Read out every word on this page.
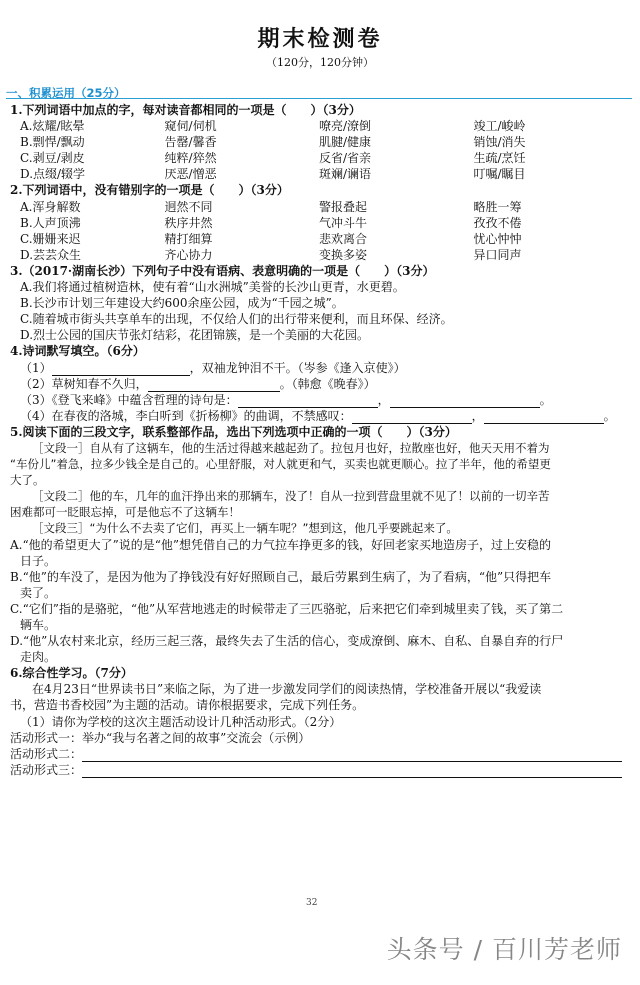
期末检测卷
（120分，120分钟）
一、积累运用（25分）
1.下列词语中加点的字，每对读音都相同的一项是（　　）（3分）
A.炫耀/眩晕	窥伺/伺机	嘹亮/潦倒	竣工/峻岭
B.剽悍/飘动	告罄/馨香	肌腱/健康	销蚀/消失
C.剥豆/剥皮	纯粹/猝然	反省/省亲	生疏/烹饪
D.点缀/辍学	厌恶/憎恶	斑斓/谰语	叮嘱/瞩目
2.下列词语中，没有错别字的一项是（　　）（3分）
A.浑身解数	迥然不同	警报叠起	略胜一筹
B.人声顶沸	秩序井然	气冲斗牛	孜孜不倦
C.姗姗来迟	精打细算	悲欢离合	忧心忡忡
D.芸芸众生	齐心协力	变换多姿	异口同声
3.（2017·湖南长沙）下列句子中没有语病、表意明确的一项是（　　）（3分）
A.我们将通过植树造林，使有着“山水洲城”美誉的长沙山更青，水更碧。
B.长沙市计划三年建设大约600余座公园，成为“千园之城”。
C.随着城市街头共享单车的出现，不仅给人们的出行带来便利，而且环保、经济。
D.烈士公园的国庆节张灯结彩，花团锦簇，是一个美丽的大花园。
4.诗词默写填空。（6分）
（1）	，双袖龙钟泪不干。（岑参《逢入京使》）
（2）草树知春不久归，	。（韩愈《晚春》）
（3）《登飞来峰》中蕴含哲理的诗句是：	，	。
（4）在春夜的洛城，李白听到《折杨柳》的曲调，不禁感叹：	，	。
5.阅读下面的三段文字，联系整部作品，选出下列选项中正确的一项（　　）（3分）
［文段一］自从有了这辆车，他的生活过得越来越起劲了。拉包月也好，拉散座也好，他天天用不着为
“车份儿”着急，拉多少钱全是自己的。心里舒服，对人就更和气，买卖也就更顺心。拉了半年，他的希望更
大了。
［文段二］他的车，几年的血汗挣出来的那辆车，没了！自从一拉到营盘里就不见了！以前的一切辛苦
困难都可一眨眼忘掉，可是他忘不了这辆车！
［文段三］“为什么不去卖了它们，再买上一辆车呢？”想到这，他几乎要跳起来了。
A.“他的希望更大了”说的是“他”想凭借自己的力气拉车挣更多的钱，好回老家买地造房子，过上安稳的
日子。
B.“他”的车没了，是因为他为了挣钱没有好好照顾自己，最后劳累到生病了，为了看病，“他”只得把车
卖了。
C.“它们”指的是骆驼，“他”从军营地逃走的时候带走了三匹骆驼，后来把它们牵到城里卖了钱，买了第二
辆车。
D.“他”从农村来北京，经历三起三落，最终失去了生活的信心，变成潦倒、麻木、自私、自暴自弃的行尸
走肉。
6.综合性学习。（7分）
在4月23日“世界读书日”来临之际，为了进一步激发同学们的阅读热情，学校准备开展以“我爱读
书，营造书香校园”为主题的活动。请你根据要求，完成下列任务。
（1）请你为学校的这次主题活动设计几种活动形式。（2分）
活动形式一：举办“我与名著之间的故事”交流会（示例）
活动形式二：
活动形式三：
32
头条号 / 百川芳老师
